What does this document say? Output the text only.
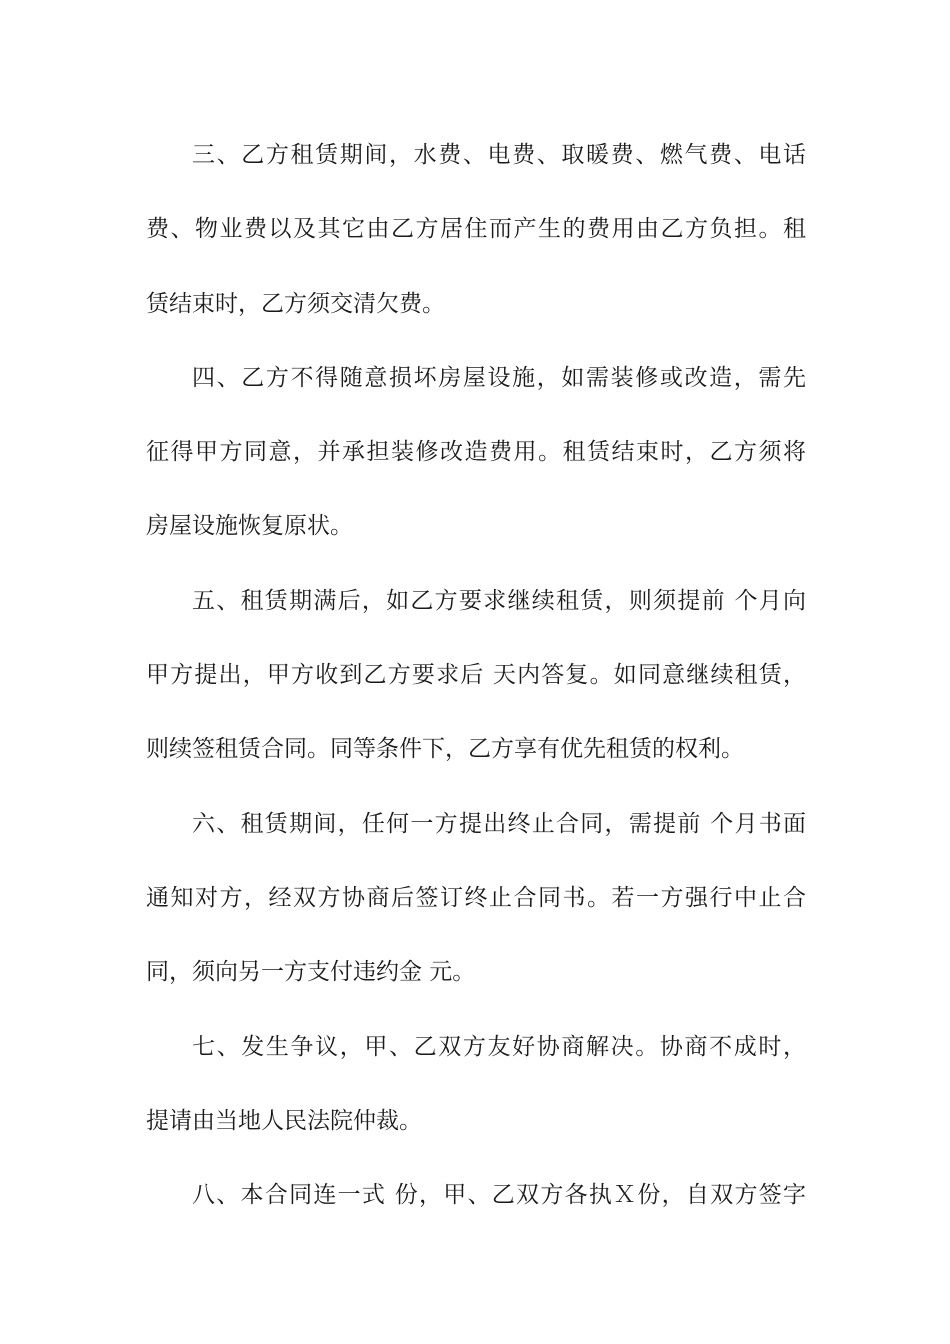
三、乙方租赁期间，水费、电费、取暖费、燃气费、电话
费、物业费以及其它由乙方居住而产生的费用由乙方负担。租
赁结束时，乙方须交清欠费。
四、乙方不得随意损坏房屋设施，如需装修或改造，需先
征得甲方同意，并承担装修改造费用。租赁结束时，乙方须将
房屋设施恢复原状。
五、租赁期满后，如乙方要求继续租赁，则须提前 个月向
甲方提出，甲方收到乙方要求后 天内答复。如同意继续租赁，
则续签租赁合同。同等条件下，乙方享有优先租赁的权利。
六、租赁期间，任何一方提出终止合同，需提前 个月书面
通知对方，经双方协商后签订终止合同书。若一方强行中止合
同，须向另一方支付违约金 元。
七、发生争议，甲、乙双方友好协商解决。协商不成时，
提请由当地人民法院仲裁。
八、本合同连一式 份，甲、乙双方各执Ｘ份，自双方签字
